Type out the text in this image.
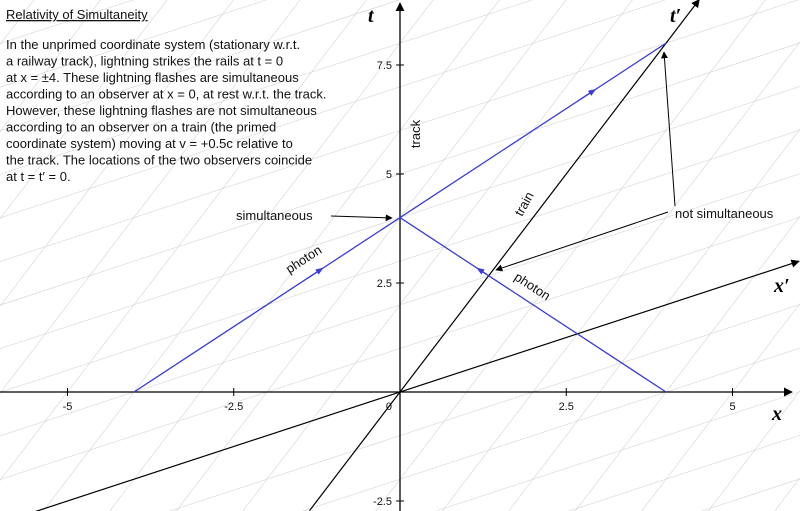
-5	-2.5	2.5	5
7.5
5
2.5
-2.5
0	x
t
x′
t′
track
train
photon
photon
simultaneous	not simultaneous
Relativity of Simultaneity
In the unprimed coordinate system (stationary w.r.t.
a railway track), lightning strikes the rails at t = 0
at x = ±4. These lightning flashes are simultaneous
according to an observer at x = 0, at rest w.r.t. the track.
However, these lightning flashes are not simultaneous
according to an observer on a train (the primed
coordinate system) moving at v = +0.5c relative to
the track. The locations of the two observers coincide
at t = t′ = 0.
